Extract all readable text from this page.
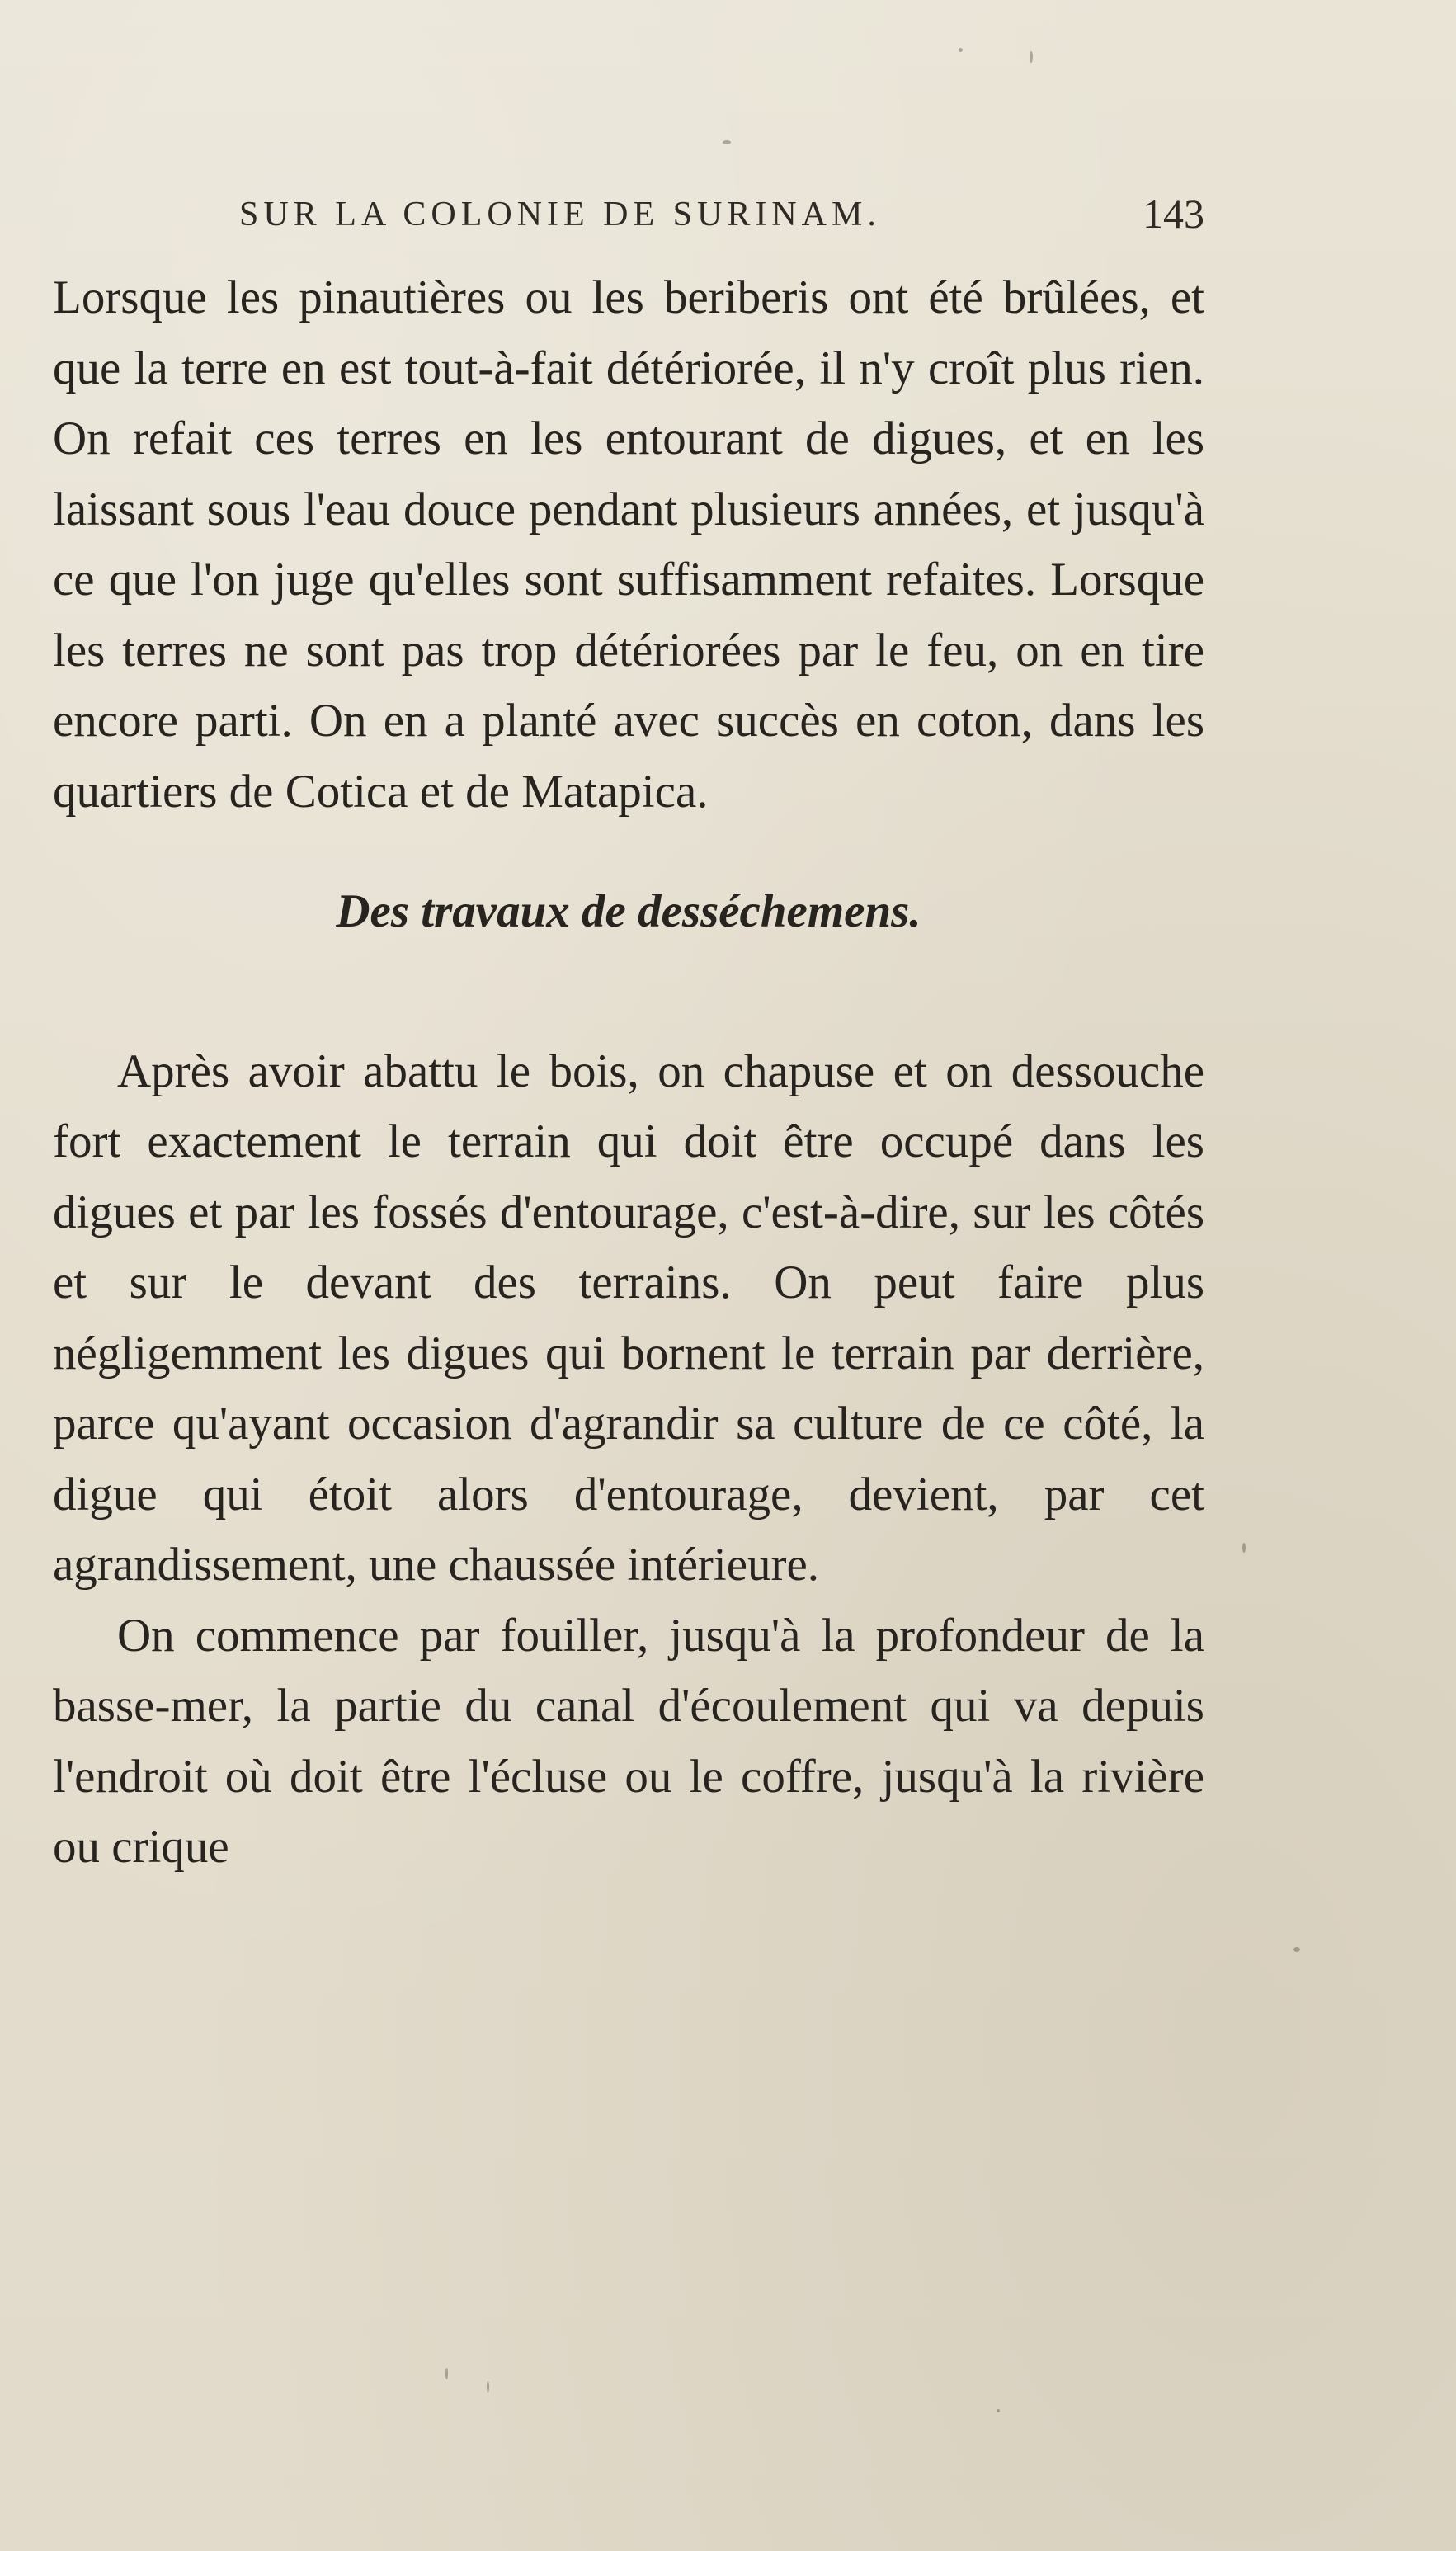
SUR LA COLONIE DE SURINAM.	143

Lorsque les pinautières ou les beriberis ont été brûlées, et que la terre en est tout-à-fait détériorée, il n'y croît plus rien. On refait ces terres en les entourant de digues, et en les laissant sous l'eau douce pendant plusieurs années, et jusqu'à ce que l'on juge qu'elles sont suffisamment refaites. Lorsque les terres ne sont pas trop détériorées par le feu, on en tire encore parti. On en a planté avec succès en coton, dans les quartiers de Cotica et de Matapica.

Des travaux de desséchemens.

Après avoir abattu le bois, on chapuse et on dessouche fort exactement le terrain qui doit être occupé dans les digues et par les fossés d'entourage, c'est-à-dire, sur les côtés et sur le devant des terrains. On peut faire plus négligemment les digues qui bornent le terrain par derrière, parce qu'ayant occasion d'agrandir sa culture de ce côté, la digue qui étoit alors d'entourage, devient, par cet agrandissement, une chaussée intérieure.

On commence par fouiller, jusqu'à la profondeur de la basse-mer, la partie du canal d'écoulement qui va depuis l'endroit où doit être l'écluse ou le coffre, jusqu'à la rivière ou crique
